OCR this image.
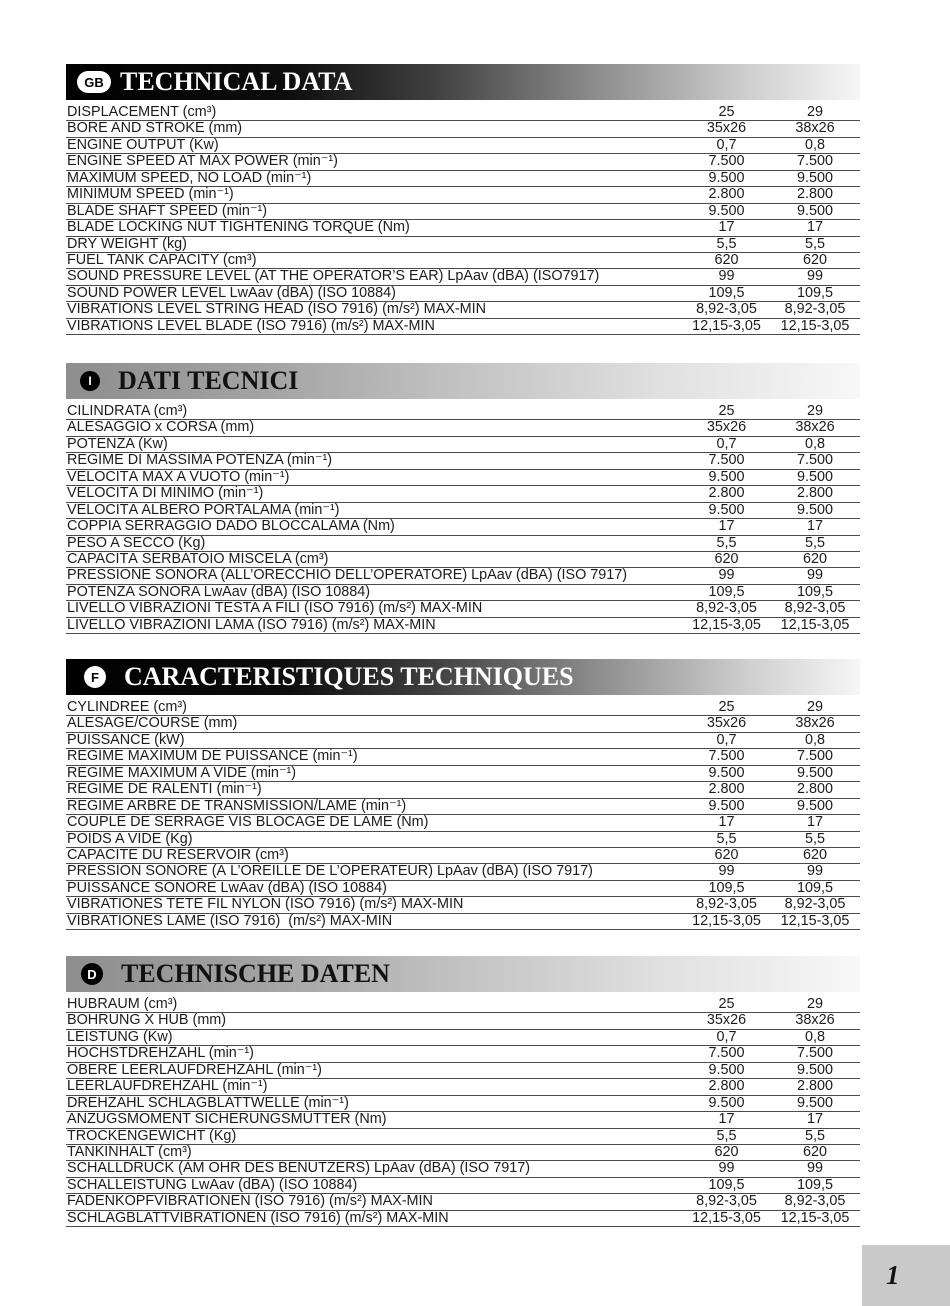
GB TECHNICAL DATA
DISPLACEMENT (cm³)	25	29
BORE AND STROKE (mm)	35x26	38x26
ENGINE OUTPUT (Kw)	0,7	0,8
ENGINE SPEED AT MAX POWER (min⁻¹)	7.500	7.500
MAXIMUM SPEED, NO LOAD (min⁻¹)	9.500	9.500
MINIMUM SPEED (min⁻¹)	2.800	2.800
BLADE SHAFT SPEED (min⁻¹)	9.500	9.500
BLADE LOCKING NUT TIGHTENING TORQUE (Nm)	17	17
DRY WEIGHT (kg)	5,5	5,5
FUEL TANK CAPACITY (cm³)	620	620
SOUND PRESSURE LEVEL (AT THE OPERATOR’S EAR) LpAav (dBA) (ISO7917)	99	99
SOUND POWER LEVEL LwAav (dBA) (ISO 10884)	109,5	109,5
VIBRATIONS LEVEL STRING HEAD (ISO 7916) (m/s²) MAX-MIN	8,92-3,05	8,92-3,05
VIBRATIONS LEVEL BLADE (ISO 7916) (m/s²) MAX-MIN	12,15-3,05	12,15-3,05
I	DATI TECNICI
CILINDRATA (cm³)	25	29
ALESAGGIO x CORSA (mm)	35x26	38x26
POTENZA (Kw)	0,7	0,8
REGIME DI MASSIMA POTENZA (min⁻¹)	7.500	7.500
VELOCITÁ MAX A VUOTO (min⁻¹)	9.500	9.500
VELOCITÁ DI MINIMO (min⁻¹)	2.800	2.800
VELOCITÁ ALBERO PORTALAMA (min⁻¹)	9.500	9.500
COPPIA SERRAGGIO DADO BLOCCALAMA (Nm)	17	17
PESO A SECCO (Kg)	5,5	5,5
CAPACITÁ SERBATOIO MISCELA (cm³)	620	620
PRESSIONE SONORA (ALL’ORECCHIO DELL’OPERATORE) LpAav (dBA) (ISO 7917)	99	99
POTENZA SONORA LwAav (dBA) (ISO 10884)	109,5	109,5
LIVELLO VIBRAZIONI TESTA A FILI (ISO 7916) (m/s²) MAX-MIN	8,92-3,05	8,92-3,05
LIVELLO VIBRAZIONI LAMA (ISO 7916) (m/s²) MAX-MIN	12,15-3,05	12,15-3,05
F CARACTERISTIQUES TECHNIQUES
CYLINDREE (cm³)	25	29
ALESAGE/COURSE (mm)	35x26	38x26
PUISSANCE (kW)	0,7	0,8
REGIME MAXIMUM DE PUISSANCE (min⁻¹)	7.500	7.500
REGIME MAXIMUM A VIDE (min⁻¹)	9.500	9.500
REGIME DE RALENTI (min⁻¹)	2.800	2.800
REGIME ARBRE DE TRANSMISSION/LAME (min⁻¹)	9.500	9.500
COUPLE DE SERRAGE VIS BLOCAGE DE LAME (Nm)	17	17
POIDS A VIDE (Kg)	5,5	5,5
CAPACITE DU RESERVOIR (cm³)	620	620
PRESSION SONORE (À L’OREILLE DE L’OPERATEUR) LpAav (dBA) (ISO 7917)	99	99
PUISSANCE SONORE LwAav (dBA) (ISO 10884)	109,5	109,5
VIBRATIONES TETE FIL NYLON (ISO 7916) (m/s²) MAX-MIN	8,92-3,05	8,92-3,05
VIBRATIONES LAME (ISO 7916)  (m/s²) MAX-MIN	12,15-3,05	12,15-3,05
D TECHNISCHE DATEN
HUBRAUM (cm³)	25	29
BOHRUNG X HUB (mm)	35x26	38x26
LEISTUNG (Kw)	0,7	0,8
HÖCHSTDREHZAHL (min⁻¹)	7.500	7.500
OBERE LEERLAUFDREHZAHL (min⁻¹)	9.500	9.500
LEERLAUFDREHZAHL (min⁻¹)	2.800	2.800
DREHZAHL SCHLAGBLATTWELLE (min⁻¹)	9.500	9.500
ANZUGSMOMENT SICHERUNGSMÜTTER (Nm)	17	17
TROCKENGEWICHT (Kg)	5,5	5,5
TANKINHALT (cm³)	620	620
SCHALLDRUCK (AM OHR DES BENUTZERS) LpAav (dBA) (ISO 7917)	99	99
SCHALLEISTUNG LwAav (dBA) (ISO 10884)	109,5	109,5
FADENKOPFVIBRATIONEN (ISO 7916) (m/s²) MAX-MIN	8,92-3,05	8,92-3,05
SCHLAGBLATTVIBRATIONEN (ISO 7916) (m/s²) MAX-MIN	12,15-3,05	12,15-3,05
1
